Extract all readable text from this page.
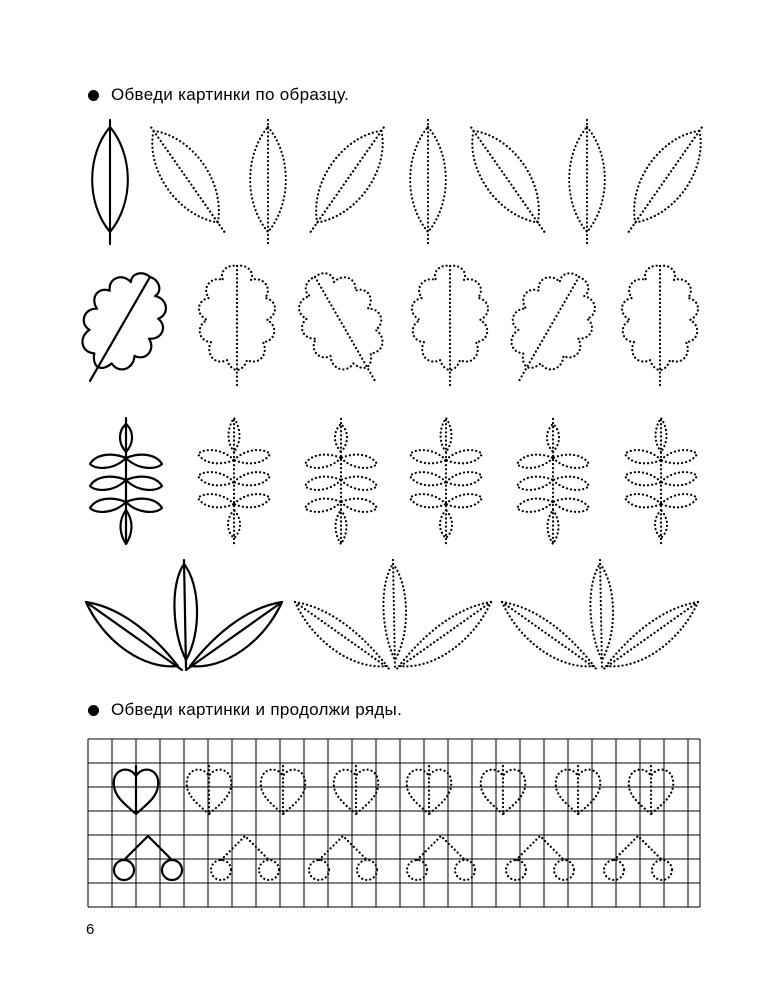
Обведи картинки по образцу.
Обведи картинки и продолжи ряды.
6
